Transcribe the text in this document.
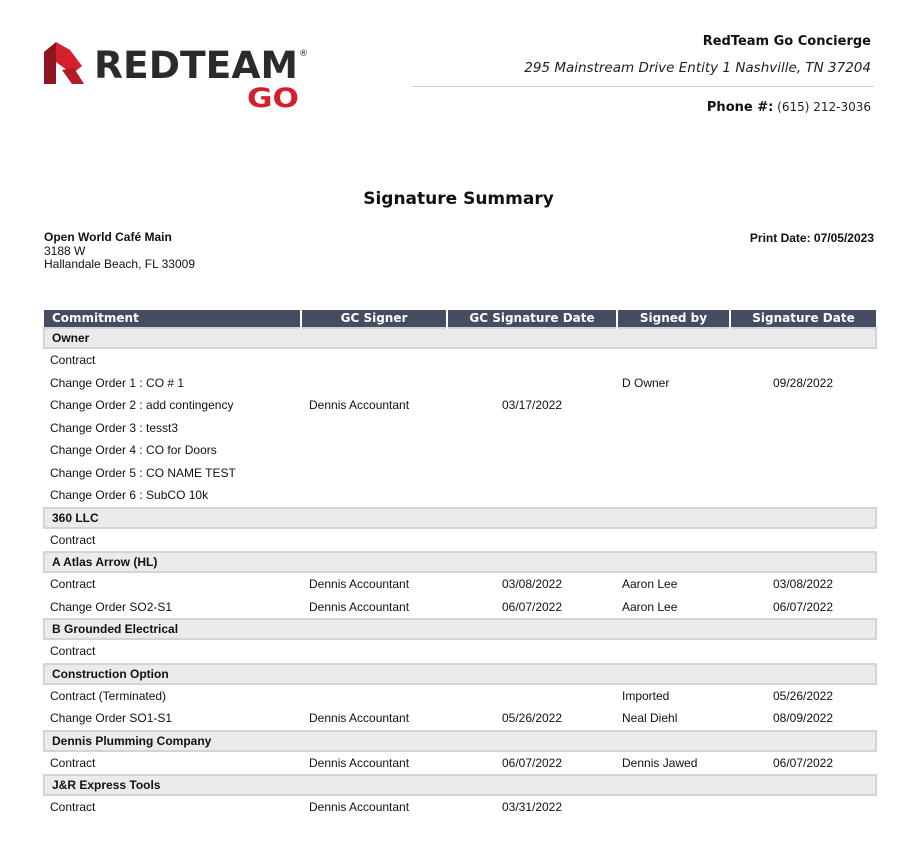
REDTEAM ®
GO
RedTeam Go Concierge
295 Mainstream Drive Entity 1 Nashville, TN 37204
Phone #: (615) 212-3036
Signature Summary
Open World Café Main
3188 W
Hallandale Beach, FL 33009
Print Date: 07/05/2023
Commitment	GC Signer	GC Signature Date	Signed by	Signature Date
Owner				
Contract				
Change Order 1 : CO # 1			D Owner	09/28/2022
Change Order 2 : add contingency	Dennis Accountant	03/17/2022		
Change Order 3 : tesst3				
Change Order 4 : CO for Doors				
Change Order 5 : CO NAME TEST				
Change Order 6 : SubCO 10k				
360 LLC				
Contract				
A Atlas Arrow (HL)				
Contract	Dennis Accountant	03/08/2022	Aaron Lee	03/08/2022
Change Order SO2-S1	Dennis Accountant	06/07/2022	Aaron Lee	06/07/2022
B Grounded Electrical				
Contract				
Construction Option				
Contract (Terminated)			Imported	05/26/2022
Change Order SO1-S1	Dennis Accountant	05/26/2022	Neal Diehl	08/09/2022
Dennis Plumming Company				
Contract	Dennis Accountant	06/07/2022	Dennis Jawed	06/07/2022
J&R Express Tools				
Contract	Dennis Accountant	03/31/2022		
